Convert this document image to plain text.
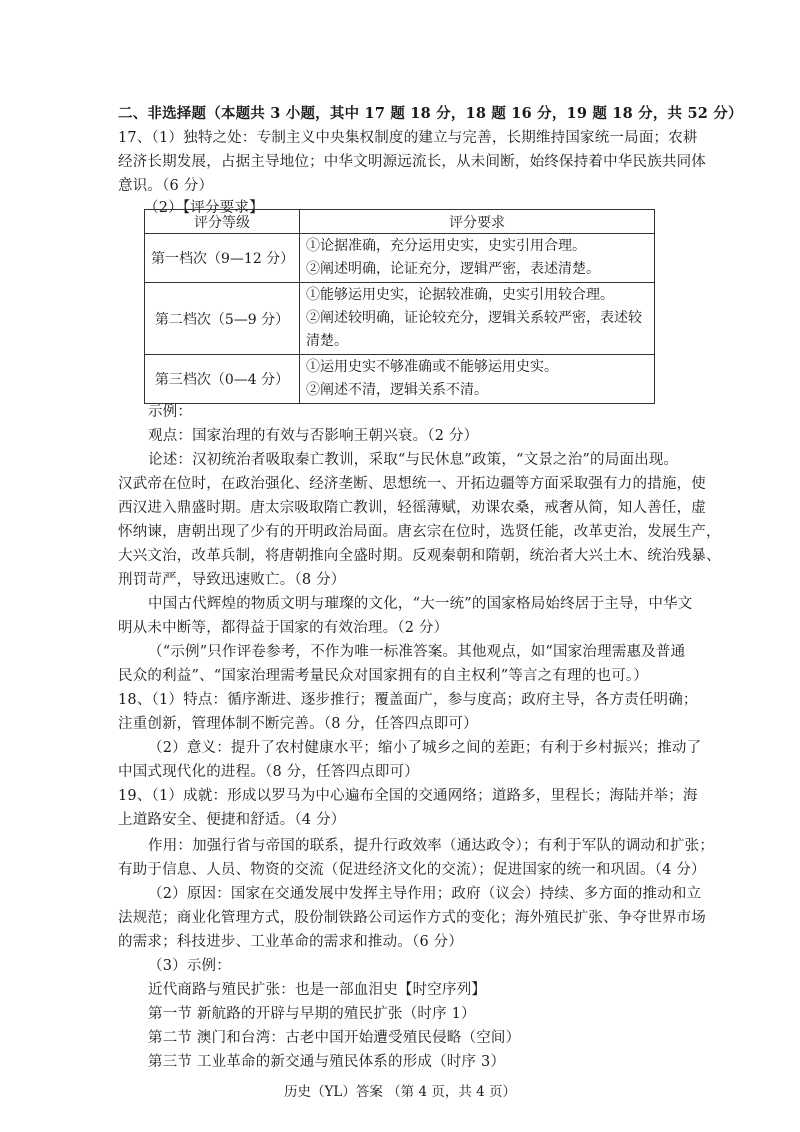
二、非选择题（本题共 3 小题，其中 17 题 18 分，18 题 16 分，19 题 18 分，共 52 分）
17、（1）独特之处：专制主义中央集权制度的建立与完善，长期维持国家统一局面；农耕
经济长期发展，占据主导地位；中华文明源远流长，从未间断，始终保持着中华民族共同体
意识。（6 分）
（2）【评分要求】
评分等级	评分要求
第一档次（9—12 分）	①论据准确，充分运用史实，史实引用合理。
②阐述明确，论证充分，逻辑严密，表述清楚。

第二档次（5—9 分）	①能够运用史实，论据较准确，史实引用较合理。
②阐述较明确，证论较充分，逻辑关系较严密，表述较
清楚。

第三档次（0—4 分）	①运用史实不够准确或不能够运用史实。
②阐述不清，逻辑关系不清。
示例：
观点：国家治理的有效与否影响王朝兴衰。（2 分）
论述：汉初统治者吸取秦亡教训，采取“与民休息”政策，“文景之治”的局面出现。
汉武帝在位时，在政治强化、经济垄断、思想统一、开拓边疆等方面采取强有力的措施，使
西汉进入鼎盛时期。唐太宗吸取隋亡教训，轻徭薄赋，劝课农桑，戒奢从简，知人善任，虚
怀纳谏，唐朝出现了少有的开明政治局面。唐玄宗在位时，选贤任能，改革吏治，发展生产，
大兴文治，改革兵制，将唐朝推向全盛时期。反观秦朝和隋朝，统治者大兴土木、统治残暴、
刑罚苛严，导致迅速败亡。（8 分）
中国古代辉煌的物质文明与璀璨的文化，“大一统”的国家格局始终居于主导，中华文
明从未中断等，都得益于国家的有效治理。（2 分）
（“示例”只作评卷参考，不作为唯一标准答案。其他观点，如“国家治理需惠及普通
民众的利益”、“国家治理需考量民众对国家拥有的自主权利”等言之有理的也可。）
18、（1）特点：循序渐进、逐步推行；覆盖面广，参与度高；政府主导，各方责任明确；
注重创新，管理体制不断完善。（8 分，任答四点即可）
（2）意义：提升了农村健康水平；缩小了城乡之间的差距；有利于乡村振兴；推动了
中国式现代化的进程。（8 分，任答四点即可）
19、（1）成就：形成以罗马为中心遍布全国的交通网络；道路多，里程长；海陆并举；海
上道路安全、便捷和舒适。（4 分）
作用：加强行省与帝国的联系，提升行政效率（通达政令）；有利于军队的调动和扩张；
有助于信息、人员、物资的交流（促进经济文化的交流）；促进国家的统一和巩固。（4 分）
（2）原因：国家在交通发展中发挥主导作用；政府（议会）持续、多方面的推动和立
法规范；商业化管理方式，股份制铁路公司运作方式的变化；海外殖民扩张、争夺世界市场
的需求；科技进步、工业革命的需求和推动。（6 分）
（3）示例：
近代商路与殖民扩张：也是一部血泪史【时空序列】
第一节 新航路的开辟与早期的殖民扩张（时序 1）
第二节 澳门和台湾：古老中国开始遭受殖民侵略（空间）
第三节 工业革命的新交通与殖民体系的形成（时序 3）
历史（YL）答案 （第 4 页，共 4 页）
